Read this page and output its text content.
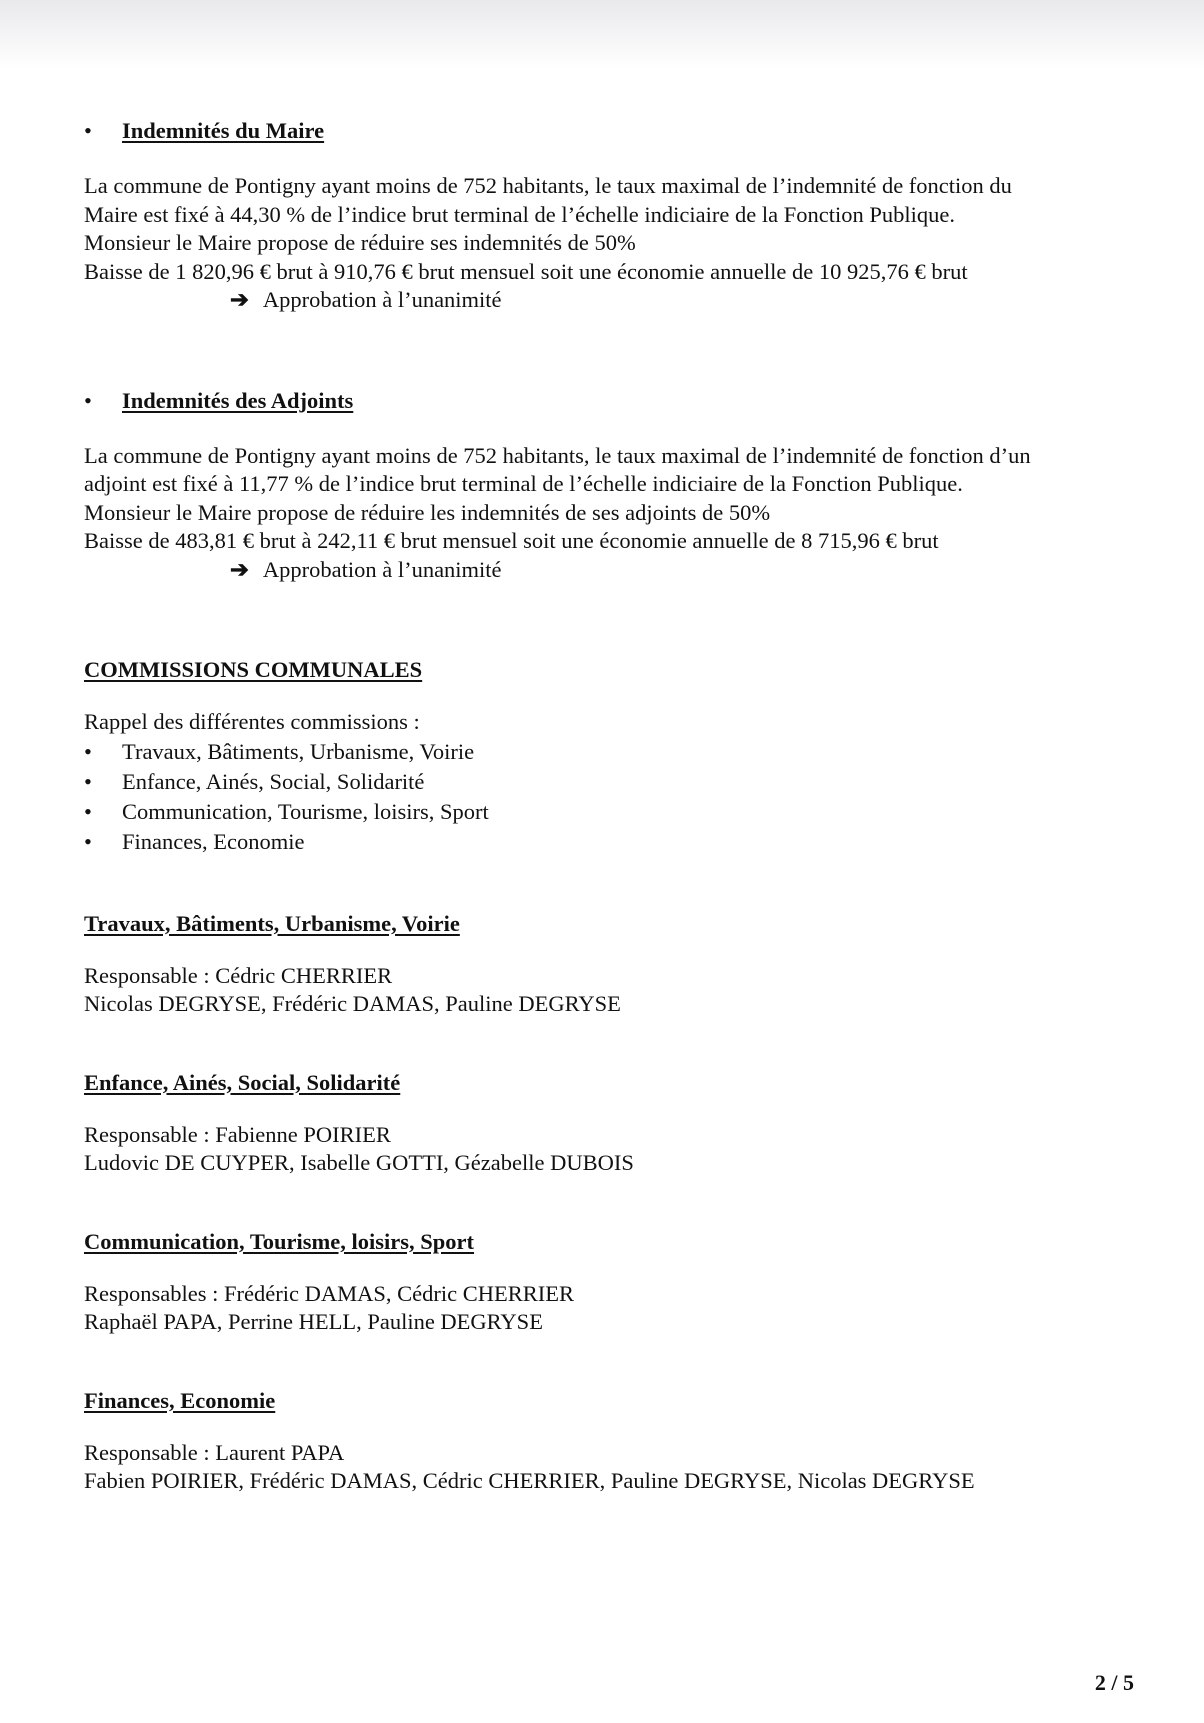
•	Indemnités du Maire
La commune de Pontigny ayant moins de 752 habitants, le taux maximal de l’indemnité de fonction du
Maire est fixé à 44,30 % de l’indice brut terminal de l’échelle indiciaire de la Fonction Publique.
Monsieur le Maire propose de réduire ses indemnités de 50%
Baisse de 1 820,96 € brut à 910,76 € brut mensuel soit une économie annuelle de 10 925,76 € brut
➔ Approbation à l’unanimité
•	Indemnités des Adjoints
La commune de Pontigny ayant moins de 752 habitants, le taux maximal de l’indemnité de fonction d’un
adjoint est fixé à 11,77 % de l’indice brut terminal de l’échelle indiciaire de la Fonction Publique.
Monsieur le Maire propose de réduire les indemnités de ses adjoints de 50%
Baisse de 483,81 € brut à 242,11 € brut mensuel soit une économie annuelle de 8 715,96 € brut
➔ Approbation à l’unanimité
COMMISSIONS COMMUNALES
Rappel des différentes commissions :
•	Travaux, Bâtiments, Urbanisme, Voirie
•	Enfance, Ainés, Social, Solidarité
•	Communication, Tourisme, loisirs, Sport
•	Finances, Economie
Travaux, Bâtiments, Urbanisme, Voirie
Responsable : Cédric CHERRIER
Nicolas DEGRYSE, Frédéric DAMAS, Pauline DEGRYSE
Enfance, Ainés, Social, Solidarité
Responsable : Fabienne POIRIER
Ludovic DE CUYPER, Isabelle GOTTI, Gézabelle DUBOIS
Communication, Tourisme, loisirs, Sport
Responsables : Frédéric DAMAS, Cédric CHERRIER
Raphaël PAPA, Perrine HELL, Pauline DEGRYSE
Finances, Economie
Responsable : Laurent PAPA
Fabien POIRIER, Frédéric DAMAS, Cédric CHERRIER, Pauline DEGRYSE, Nicolas DEGRYSE
2 / 5
